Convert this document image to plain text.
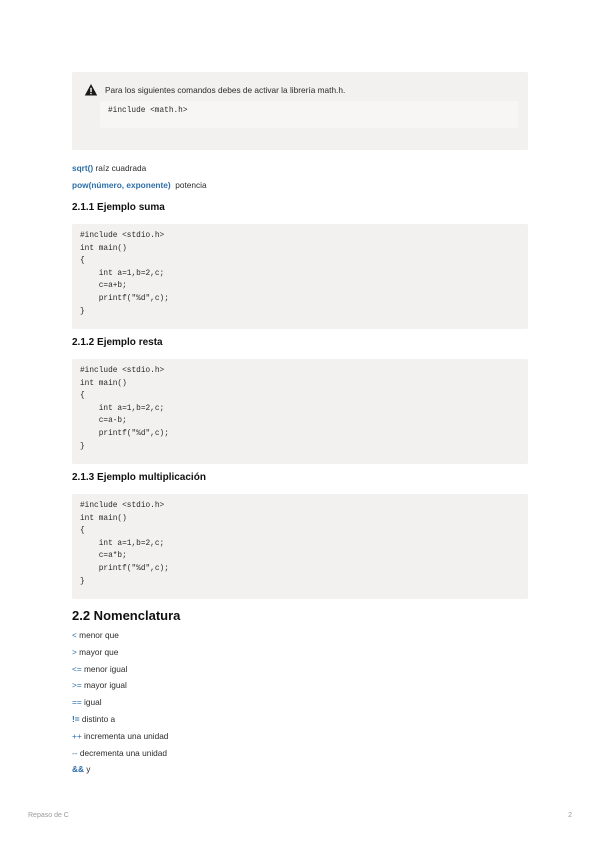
Para los siguientes comandos debes de activar la librería math.h.
#include <math.h>

sqrt() raíz cuadrada

pow(número, exponente)  potencia

2.1.1 Ejemplo suma
#include <stdio.h>
int main()
{
int a=1,b=2,c;
c=a+b;
printf("%d",c);
}
2.1.2 Ejemplo resta
#include <stdio.h>
int main()
{
int a=1,b=2,c;
c=a-b;
printf("%d",c);
}
2.1.3 Ejemplo multiplicación
#include <stdio.h>
int main()
{
int a=1,b=2,c;
c=a*b;
printf("%d",c);
}
2.2 Nomenclatura
< menor que
> mayor que
<= menor igual
>= mayor igual
== igual
!= distinto a
++ incrementa una unidad
-- decrementa una unidad
&& y
Repaso de C	2
